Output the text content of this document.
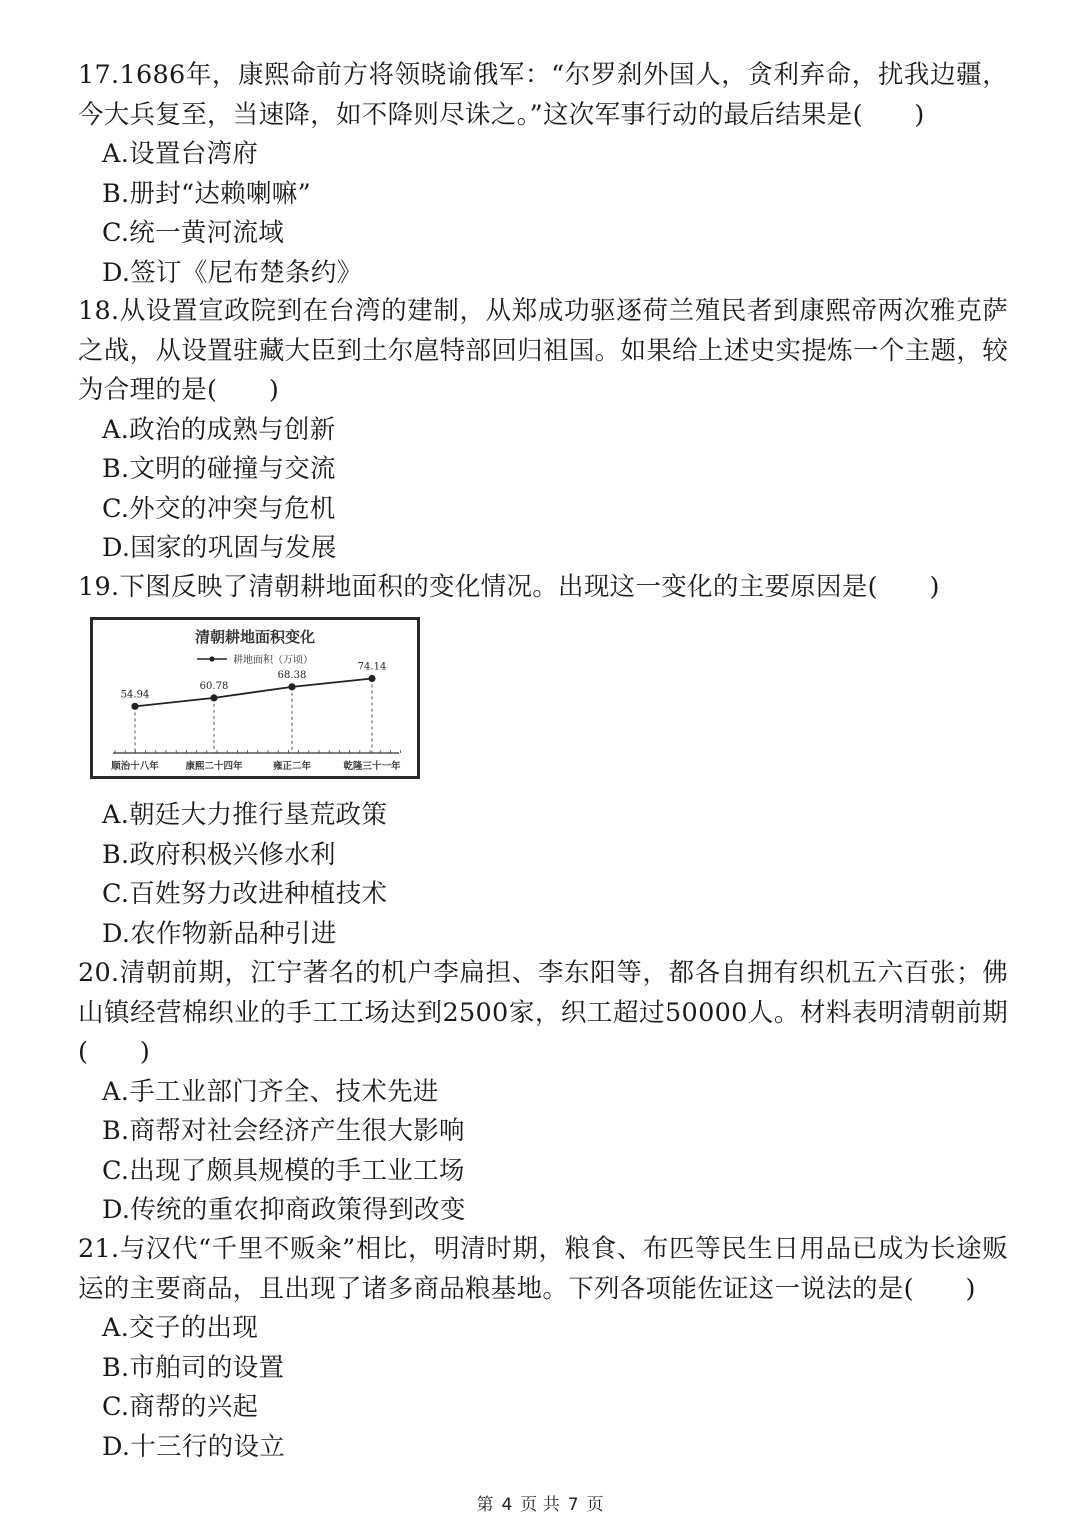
17.1686年，康熙命前方将领晓谕俄军：“尔罗刹外国人，贪利弃命，扰我边疆，今大兵复至，当速降，如不降则尽诛之。”这次军事行动的最后结果是(　　)

A.设置台湾府

B.册封“达赖喇嘛”

C.统一黄河流域

D.签订《尼布楚条约》

18.从设置宣政院到在台湾的建制，从郑成功驱逐荷兰殖民者到康熙帝两次雅克萨之战，从设置驻藏大臣到土尔扈特部回归祖国。如果给上述史实提炼一个主题，较为合理的是(　　)

A.政治的成熟与创新

B.文明的碰撞与交流

C.外交的冲突与危机

D.国家的巩固与发展

19.下图反映了清朝耕地面积的变化情况。出现这一变化的主要原因是(　　)

清朝耕地面积变化
耕地面积（万顷）
54.94
60.78
68.38
74.14
顺治十八年	康熙二十四年	雍正二年	乾隆三十一年

A.朝廷大力推行垦荒政策

B.政府积极兴修水利

C.百姓努力改进种植技术

D.农作物新品种引进

20.清朝前期，江宁著名的机户李扁担、李东阳等，都各自拥有织机五六百张；佛山镇经营棉织业的手工工场达到2500家，织工超过50000人。材料表明清朝前期(　　)

A.手工业部门齐全、技术先进

B.商帮对社会经济产生很大影响

C.出现了颇具规模的手工业工场

D.传统的重农抑商政策得到改变

21.与汉代“千里不贩籴”相比，明清时期，粮食、布匹等民生日用品已成为长途贩运的主要商品，且出现了诸多商品粮基地。下列各项能佐证这一说法的是(　　)

A.交子的出现

B.市舶司的设置

C.商帮的兴起

D.十三行的设立

第 4 页 共 7 页
